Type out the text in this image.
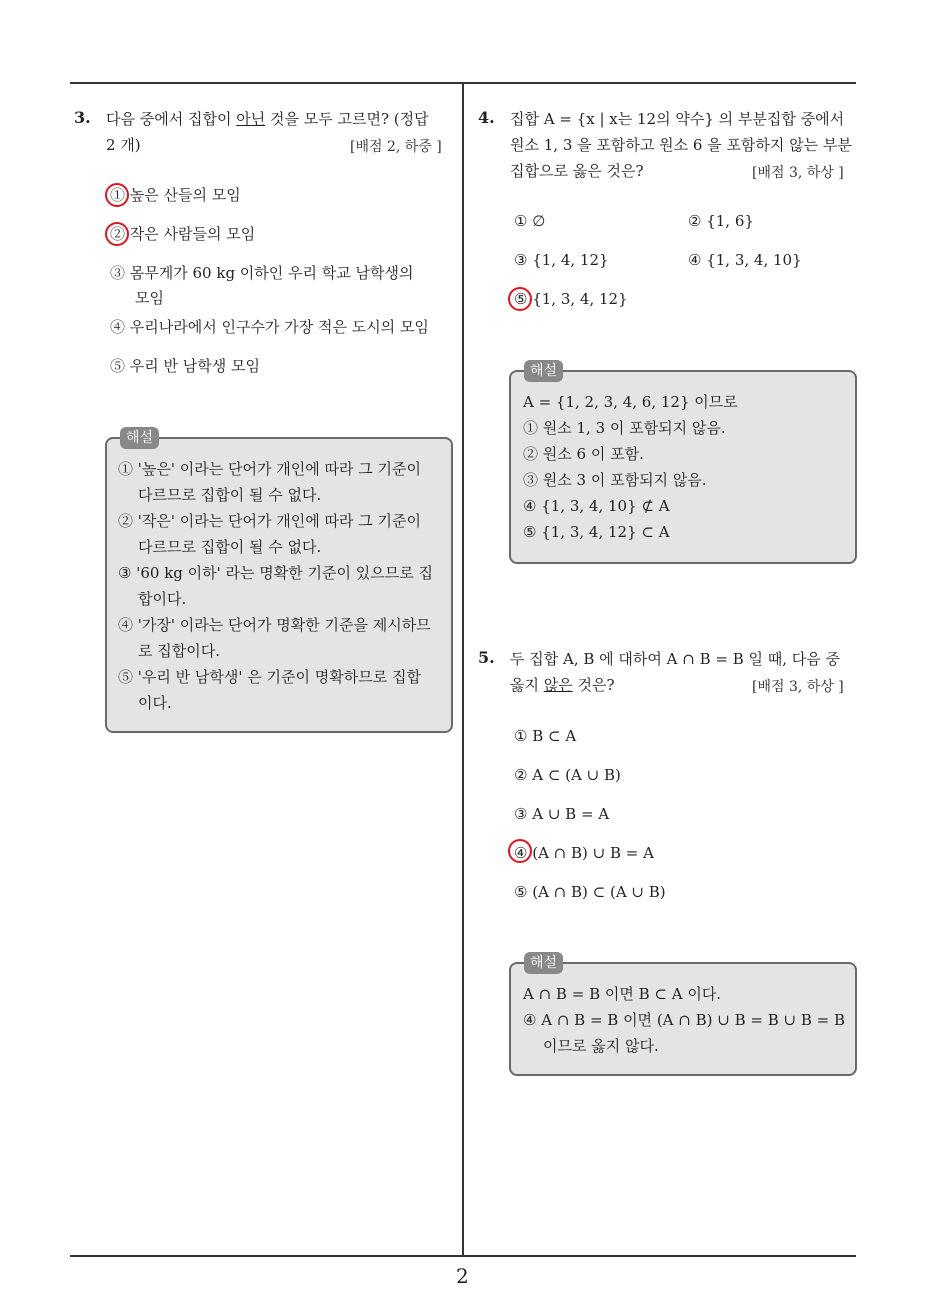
3. 다음 중에서 집합이 아닌 것을 모두 고르면? (정답
2 개)	[배점 2, 하중 ]
① 높은 산들의 모임
② 작은 사람들의 모임
③ 몸무게가 60 kg 이하인 우리 학교 남학생의
모임
④ 우리나라에서 인구수가 가장 적은 도시의 모임
⑤ 우리 반 남학생 모임
해설
① '높은' 이라는 단어가 개인에 따라 그 기준이
다르므로 집합이 될 수 없다.
② '작은' 이라는 단어가 개인에 따라 그 기준이
다르므로 집합이 될 수 없다.
③ '60 kg 이하' 라는 명확한 기준이 있으므로 집
합이다.
④ '가장' 이라는 단어가 명확한 기준을 제시하므
로 집합이다.
⑤ '우리 반 남학생' 은 기준이 명확하므로 집합
이다.
4. 집합 A = {x | x는 12의 약수} 의 부분집합 중에서
원소 1, 3 을 포함하고 원소 6 을 포함하지 않는 부분
집합으로 옳은 것은?	[배점 3, 하상 ]
① ∅	② {1, 6}
③ {1, 4, 12}	④ {1, 3, 4, 10}
⑤ {1, 3, 4, 12}
해설
A = {1, 2, 3, 4, 6, 12} 이므로
① 원소 1, 3 이 포함되지 않음.
② 원소 6 이 포함.
③ 원소 3 이 포함되지 않음.
④ {1, 3, 4, 10} ⊄ A
⑤ {1, 3, 4, 12} ⊂ A
5. 두 집합 A, B 에 대하여 A ∩ B = B 일 때, 다음 중
옳지 않은 것은?	[배점 3, 하상 ]
① B ⊂ A
② A ⊂ (A ∪ B)
③ A ∪ B = A
④ (A ∩ B) ∪ B = A
⑤ (A ∩ B) ⊂ (A ∪ B)
해설
A ∩ B = B 이면 B ⊂ A 이다.
④ A ∩ B = B 이면 (A ∩ B) ∪ B = B ∪ B = B
이므로 옳지 않다.
2
